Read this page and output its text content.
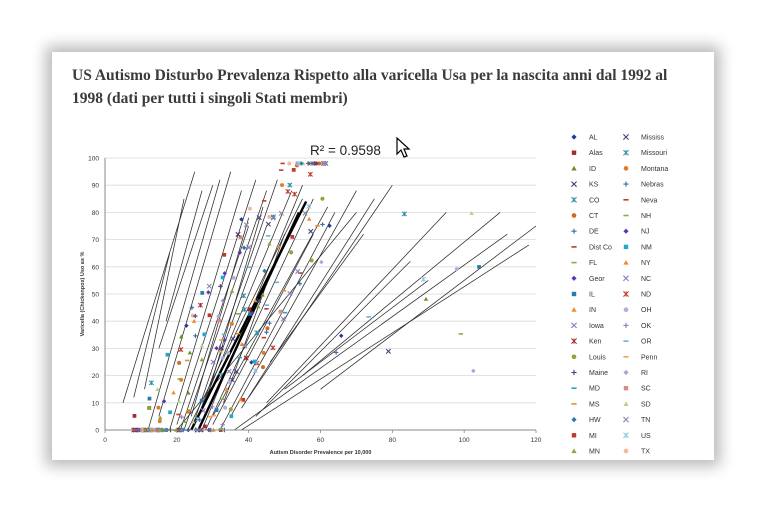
US Autismo Disturbo Prevalenza Rispetto alla varicella Usa per la nascita anni dal 1992 al 1998 (dati per tutti i singoli Stati membri)
0
10
20
30
40
50
60
70
80
90
100
0	20	40	60	80	100	120
Autism Disorder Prevalence per 10,000
Varicella (Chickenpox) Uso as %
R² = 0.9598
AL	Mississ
Alas	Missouri
ID	Montana
KS	Nebras
CO	Neva
CT	NH
DE	NJ
Dist Co	NM
FL	NY
Geor	NC
IL	ND
IN	OH
Iowa	OK
Ken	OR
Louis	Penn
Maine	RI
MD	SC
MS	SD
HW	TN
MI	US
MN	TX
